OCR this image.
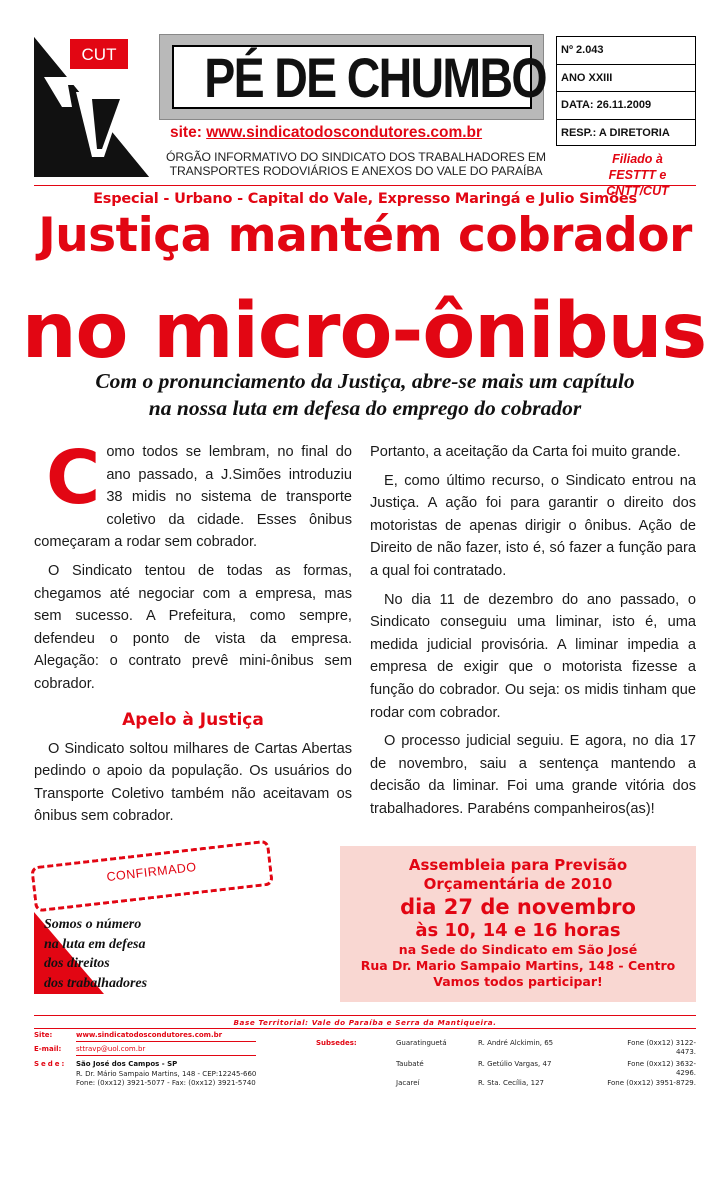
CUT PÉ DE CHUMBO
site: www.sindicatodoscondutores.com.br
ÓRGÃO INFORMATIVO DO SINDICATO DOS TRABALHADORES EM
TRANSPORTES RODOVIÁRIOS E ANEXOS DO VALE DO PARAÍBA
Nº 2.043
ANO XXIII
DATA: 26.11.2009
RESP.: A DIRETORIA
Filiado à
FESTTT e CNTT/CUT
Especial - Urbano - Capital do Vale, Expresso Maringá e Julio Simões
Justiça mantém cobrador
no micro-ônibus
Com o pronunciamento da Justiça, abre-se mais um capítulo
na nossa luta em defesa do emprego do cobrador

Como todos se lembram, no final do ano passado, a J.Simões introduziu 38 midis no sistema de transporte coletivo da cidade. Esses ônibus começaram a rodar sem cobrador.

O Sindicato tentou de todas as formas, chegamos até negociar com a empresa, mas sem sucesso. A Prefeitura, como sempre, defendeu o ponto de vista da empresa. Alegação: o contrato prevê mini-ônibus sem cobrador.

Apelo à Justiça

O Sindicato soltou milhares de Cartas Abertas pedindo o apoio da população. Os usuários do Transporte Coletivo também não aceitavam os ônibus sem cobrador.

Portanto, a aceitação da Carta foi muito grande.

E, como último recurso, o Sindicato entrou na Justiça. A ação foi para garantir o direito dos motoristas de apenas dirigir o ônibus. Ação de Direito de não fazer, isto é, só fazer a função para a qual foi contratado.

No dia 11 de dezembro do ano passado, o Sindicato conseguiu uma liminar, isto é, uma medida judicial provisória. A liminar impedia a empresa de exigir que o motorista fizesse a função do cobrador. Ou seja: os midis tinham que rodar com cobrador.

O processo judicial seguiu. E agora, no dia 17 de novembro, saiu a sentença mantendo a decisão da liminar. Foi uma grande vitória dos trabalhadores. Parabéns companheiros(as)!

CONFIRMADO
Somos o número
na luta em defesa
dos direitos
dos trabalhadores
Assembleia para Previsão
Orçamentária de 2010
dia 27 de novembro
às 10, 14 e 16 horas
na Sede do Sindicato em São José
Rua Dr. Mario Sampaio Martins, 148 - Centro
Vamos todos participar!
Base Territorial: Vale do Paraíba e Serra da Mantiqueira.
Site:	www.sindicatodoscondutores.com.br
E-mail: sttravp@uol.com.br
Sede: São José dos Campos - SP
R. Dr. Mário Sampaio Martins, 148 - CEP:12245-660
Fone: (0xx12) 3921-5077 - Fax: (0xx12) 3921-5740
Subsedes:	Guaratinguetá	R. André Alckimin, 65	Fone (0xx12) 3122-
4473.
Taubaté	R. Getúlio Vargas, 47	Fone (0xx12) 3632-
4296.
Jacareí	R. Sta. Cecília, 127	Fone (0xx12) 3951-8729.
